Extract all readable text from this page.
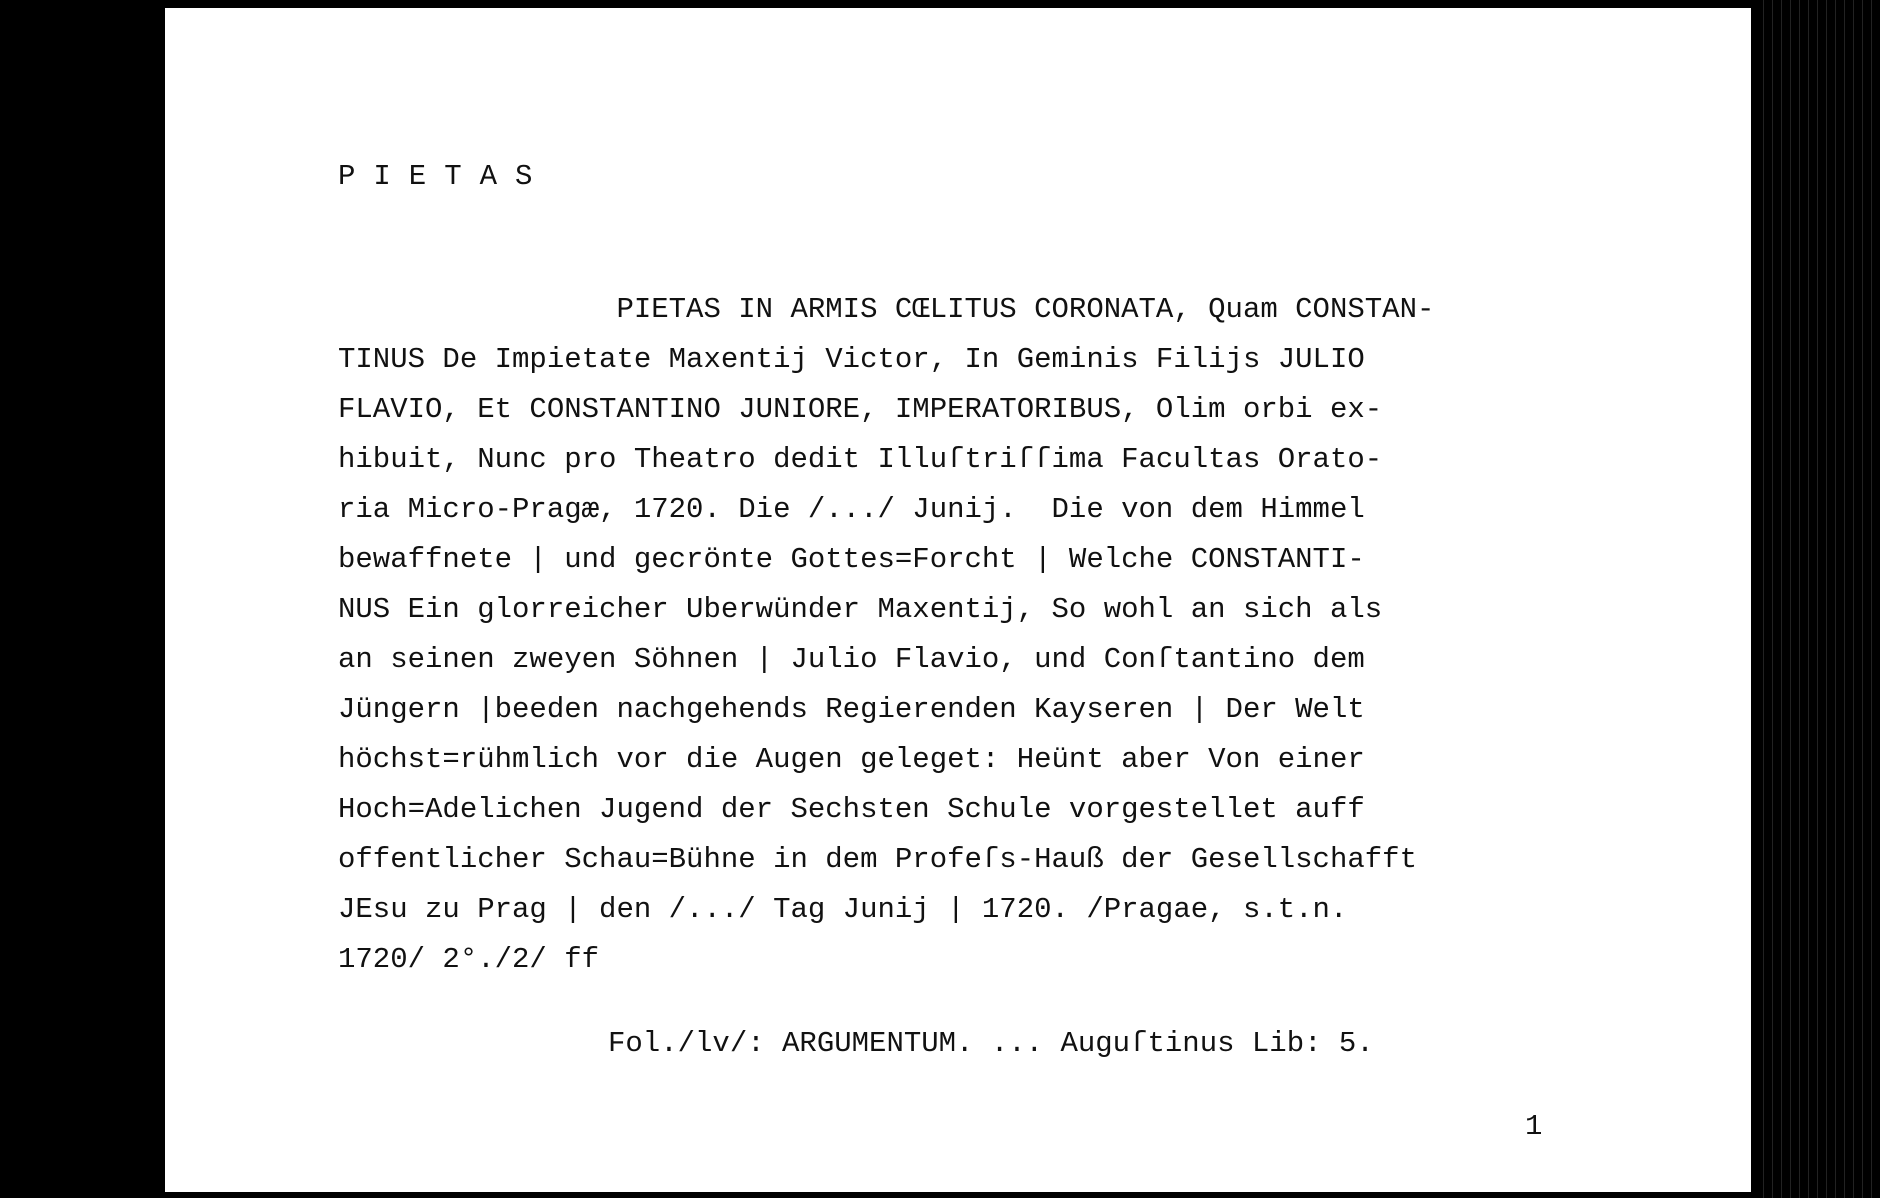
PIETAS
PIETAS IN ARMIS CŒLITUS CORONATA, Quam CONSTAN-
TINUS De Impietate Maxentij Victor, In Geminis Filijs JULIO
FLAVIO, Et CONSTANTINO JUNIORE, IMPERATORIBUS, Olim orbi ex-
hibuit, Nunc pro Theatro dedit Illuſtriſſima Facultas Orato-
ria Micro-Pragæ, 1720. Die /.../ Junij.  Die von dem Himmel
bewaffnete | und gecrönte Gottes=Forcht | Welche CONSTANTI-
NUS Ein glorreicher Uberwünder Maxentij, So wohl an sich als
an seinen zweyen Söhnen | Julio Flavio, und Conſtantino dem
Jüngern |beeden nachgehends Regierenden Kayseren | Der Welt
höchst=rühmlich vor die Augen geleget: Heünt aber Von einer
Hoch=Adelichen Jugend der Sechsten Schule vorgestellet auff
offentlicher Schau=Bühne in dem Profeſs-Hauß der Gesellschafft
JEsu zu Prag | den /.../ Tag Junij | 1720. /Pragae, s.t.n.
1720/ 2°./2/ ff
Fol./lv/: ARGUMENTUM. ... Auguſtinus Lib: 5.
1
